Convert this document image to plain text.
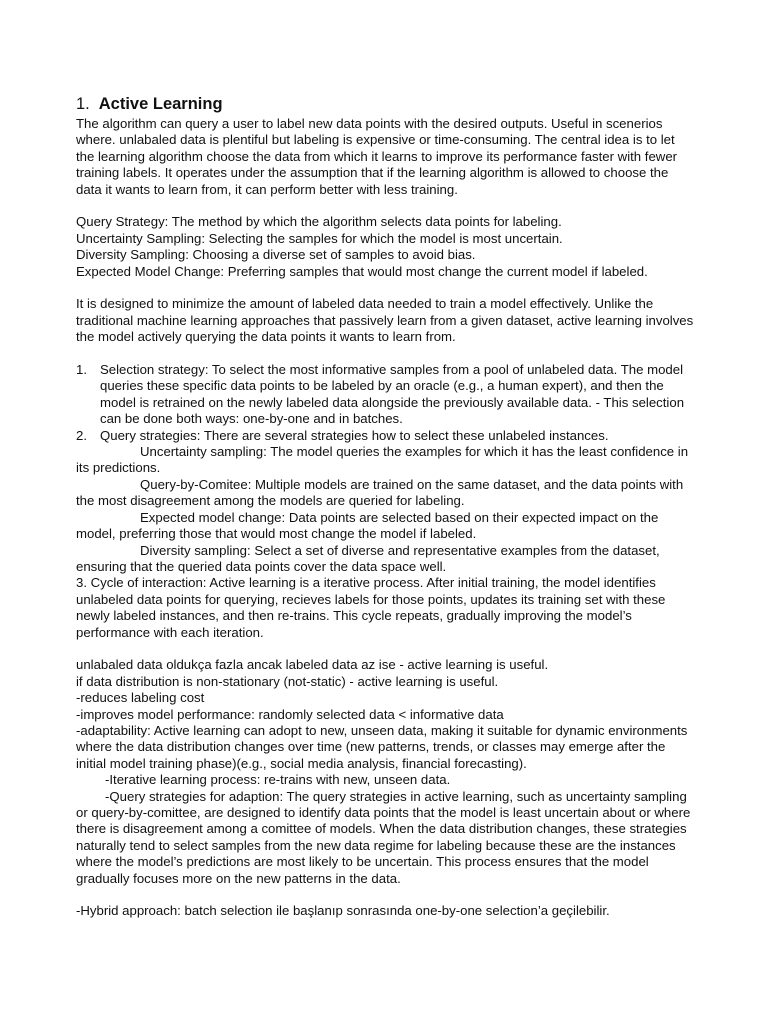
1. Active Learning

The algorithm can query a user to label new data points with the desired outputs. Useful in scenerios where. unlabaled data is plentiful but labeling is expensive or time-consuming. The central idea is to let the learning algorithm choose the data from which it learns to improve its performance faster with fewer training labels. It operates under the assumption that if the learning algorithm is allowed to choose the data it wants to learn from, it can perform better with less training.

Query Strategy: The method by which the algorithm selects data points for labeling.

Uncertainty Sampling: Selecting the samples for which the model is most uncertain.

Diversity Sampling: Choosing a diverse set of samples to avoid bias.

Expected Model Change: Preferring samples that would most change the current model if labeled.

It is designed to minimize the amount of labeled data needed to train a model effectively. Unlike the traditional machine learning approaches that passively learn from a given dataset, active learning involves the model actively querying the data points it wants to learn from.

1. Selection strategy: To select the most informative samples from a pool of unlabeled data. The model queries these specific data points to be labeled by an oracle (e.g., a human expert), and then the model is retrained on the newly labeled data alongside the previously available data. - This selection can be done both ways: one-by-one and in batches.
2. Query strategies: There are several strategies how to select these unlabeled instances.

Uncertainty sampling: The model queries the examples for which it has the least confidence in its predictions.

Query-by-Comitee: Multiple models are trained on the same dataset, and the data points with the most disagreement among the models are queried for labeling.

Expected model change: Data points are selected based on their expected impact on the model, preferring those that would most change the model if labeled.

Diversity sampling: Select a set of diverse and representative examples from the dataset, ensuring that the queried data points cover the data space well.

3. Cycle of interaction: Active learning is a iterative process. After initial training, the model identifies unlabeled data points for querying, recieves labels for those points, updates its training set with these newly labeled instances, and then re-trains. This cycle repeats, gradually improving the model’s performance with each iteration.

unlabaled data oldukça fazla ancak labeled data az ise - active learning is useful.

if data distribution is non-stationary (not-static) - active learning is useful.

-reduces labeling cost

-improves model performance: randomly selected data < informative data

-adaptability: Active learning can adopt to new, unseen data, making it suitable for dynamic environments where the data distribution changes over time (new patterns, trends, or classes may emerge after the initial model training phase)(e.g., social media analysis, financial forecasting).

-Iterative learning process: re-trains with new, unseen data.

-Query strategies for adaption: The query strategies in active learning, such as uncertainty sampling or query-by-comittee, are designed to identify data points that the model is least uncertain about or where there is disagreement among a comittee of models. When the data distribution changes, these strategies naturally tend to select samples from the new data regime for labeling because these are the instances where the model’s predictions are most likely to be uncertain. This process ensures that the model gradually focuses more on the new patterns in the data.

-Hybrid approach: batch selection ile başlanıp sonrasında one-by-one selection’a geçilebilir.
